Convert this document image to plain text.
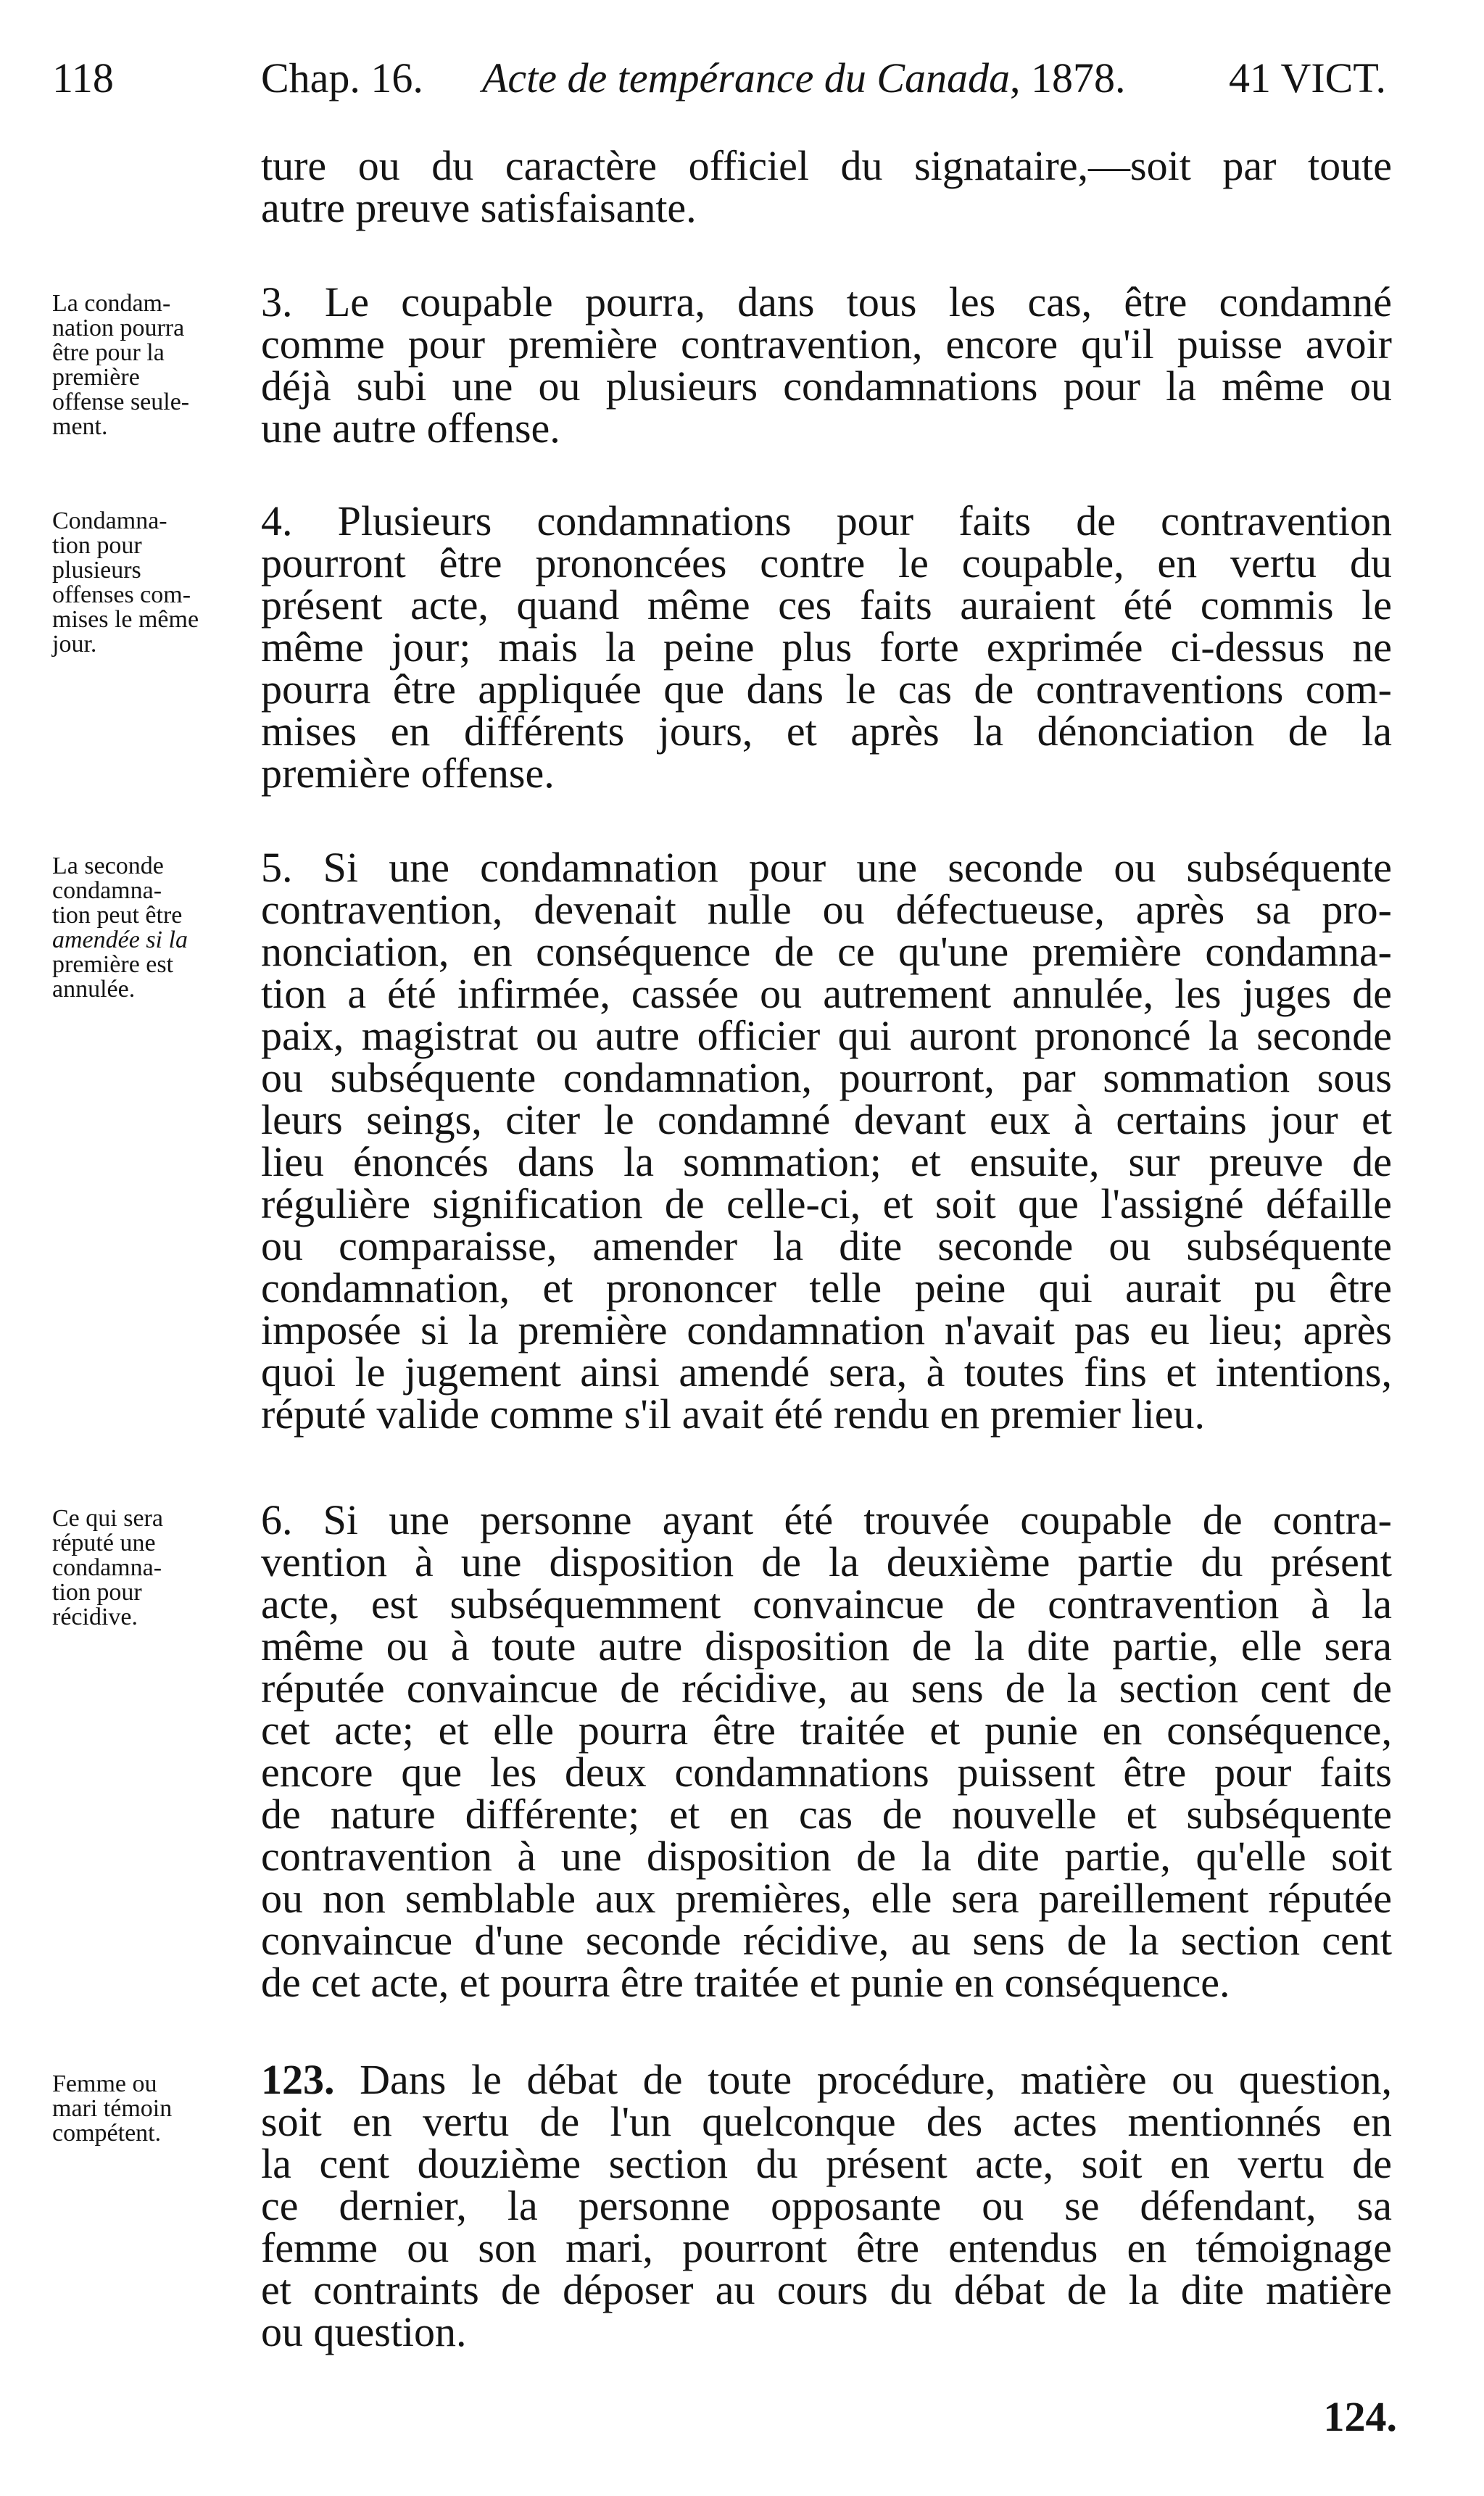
118	Chap. 16. Acte de tempérance du Canada, 1878. 41 VICT.
ture ou du caractère officiel du signataire,—soit par toute
autre preuve satisfaisante.
La condam-
nation pourra
être pour la
première
offense seule-
ment.
3. Le coupable pourra, dans tous les cas, être condamné
comme pour première contravention, encore qu'il puisse avoir
déjà subi une ou plusieurs condamnations pour la même ou
une autre offense.
Condamna-
tion pour
plusieurs
offenses com-
mises le même
jour.
4. Plusieurs condamnations pour faits de contravention
pourront être prononcées contre le coupable, en vertu du
présent acte, quand même ces faits auraient été commis le
même jour; mais la peine plus forte exprimée ci-dessus ne
pourra être appliquée que dans le cas de contraventions com-
mises en différents jours, et après la dénonciation de la
première offense.
La seconde
condamna-
tion peut être
amendée si la
première est
annulée.
5. Si une condamnation pour une seconde ou subséquente
contravention, devenait nulle ou défectueuse, après sa pro-
nonciation, en conséquence de ce qu'une première condamna-
tion a été infirmée, cassée ou autrement annulée, les juges de
paix, magistrat ou autre officier qui auront prononcé la seconde
ou subséquente condamnation, pourront, par sommation sous
leurs seings, citer le condamné devant eux à certains jour et
lieu énoncés dans la sommation; et ensuite, sur preuve de
régulière signification de celle-ci, et soit que l'assigné défaille
ou comparaisse, amender la dite seconde ou subséquente
condamnation, et prononcer telle peine qui aurait pu être
imposée si la première condamnation n'avait pas eu lieu; après
quoi le jugement ainsi amendé sera, à toutes fins et intentions,
réputé valide comme s'il avait été rendu en premier lieu.
Ce qui sera
réputé une
condamna-
tion pour
récidive.
6. Si une personne ayant été trouvée coupable de contra-
vention à une disposition de la deuxième partie du présent
acte, est subséquemment convaincue de contravention à la
même ou à toute autre disposition de la dite partie, elle sera
réputée convaincue de récidive, au sens de la section cent de
cet acte; et elle pourra être traitée et punie en conséquence,
encore que les deux condamnations puissent être pour faits
de nature différente; et en cas de nouvelle et subséquente
contravention à une disposition de la dite partie, qu'elle soit
ou non semblable aux premières, elle sera pareillement réputée
convaincue d'une seconde récidive, au sens de la section cent
de cet acte, et pourra être traitée et punie en conséquence.
Femme ou
mari témoin
compétent.
123. Dans le débat de toute procédure, matière ou question,
soit en vertu de l'un quelconque des actes mentionnés en
la cent douzième section du présent acte, soit en vertu de
ce dernier, la personne opposante ou se défendant, sa
femme ou son mari, pourront être entendus en témoignage
et contraints de déposer au cours du débat de la dite matière
ou question.
124.
